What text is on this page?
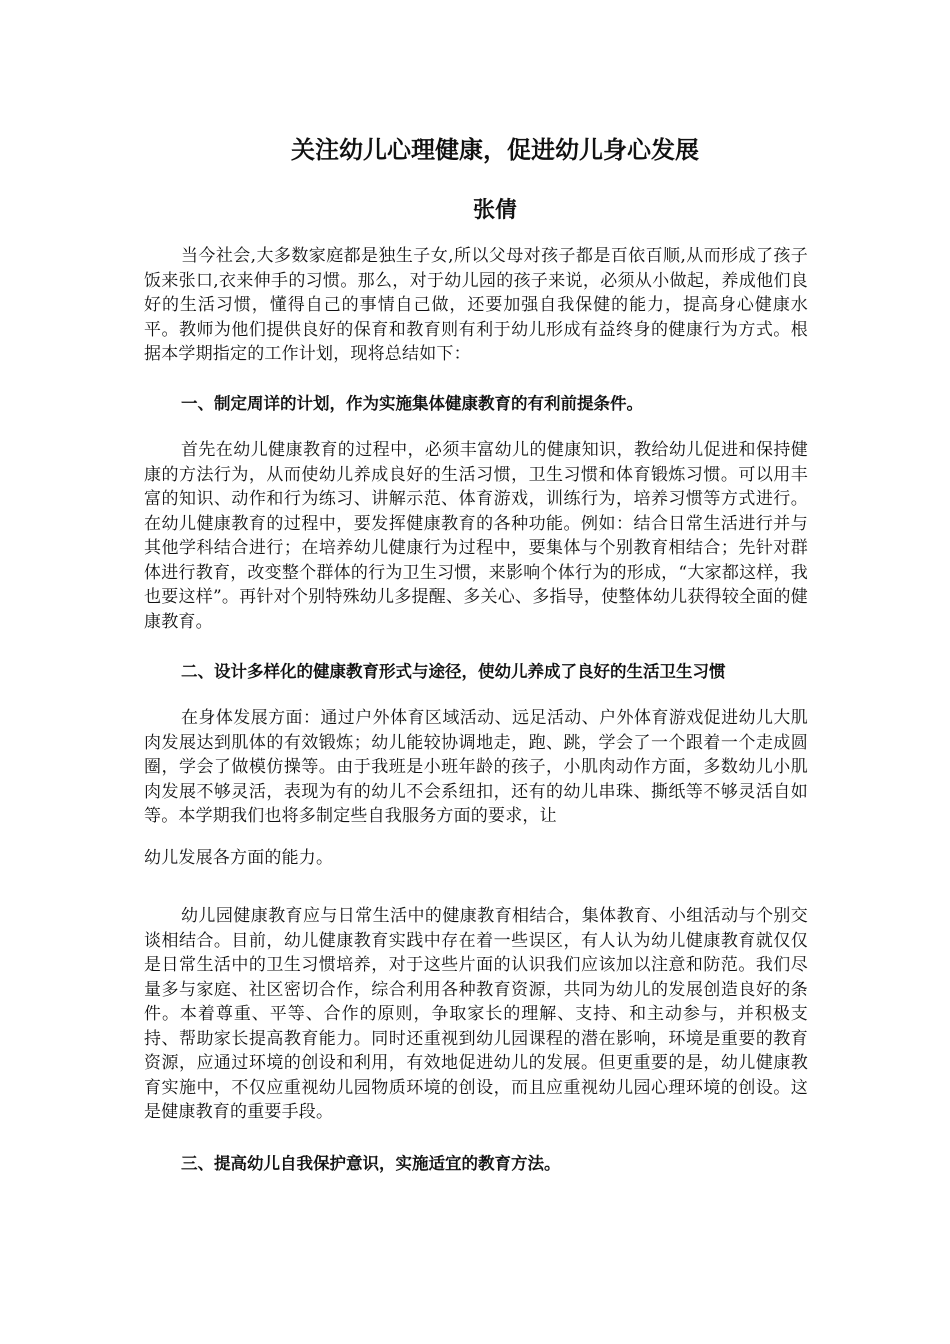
关注幼儿心理健康，促进幼儿身心发展
张倩

当今社会,大多数家庭都是独生子女,所以父母对孩子都是百依百顺,从而形成了孩子饭来张口,衣来伸手的习惯。那么，对于幼儿园的孩子来说，必须从小做起，养成他们良好的生活习惯，懂得自己的事情自己做，还要加强自我保健的能力，提高身心健康水平。教师为他们提供良好的保育和教育则有利于幼儿形成有益终身的健康行为方式。根据本学期指定的工作计划，现将总结如下：

一、制定周详的计划，作为实施集体健康教育的有利前提条件。

首先在幼儿健康教育的过程中，必须丰富幼儿的健康知识，教给幼儿促进和保持健康的方法行为，从而使幼儿养成良好的生活习惯，卫生习惯和体育锻炼习惯。可以用丰富的知识、动作和行为练习、讲解示范、体育游戏，训练行为，培养习惯等方式进行。在幼儿健康教育的过程中，要发挥健康教育的各种功能。例如：结合日常生活进行并与其他学科结合进行；在培养幼儿健康行为过程中，要集体与个别教育相结合；先针对群体进行教育，改变整个群体的行为卫生习惯，来影响个体行为的形成，“大家都这样，我也要这样”。再针对个别特殊幼儿多提醒、多关心、多指导，使整体幼儿获得较全面的健康教育。

二、设计多样化的健康教育形式与途径，使幼儿养成了良好的生活卫生习惯

在身体发展方面：通过户外体育区域活动、远足活动、户外体育游戏促进幼儿大肌肉发展达到肌体的有效锻炼；幼儿能较协调地走，跑、跳，学会了一个跟着一个走成圆圈，学会了做模仿操等。由于我班是小班年龄的孩子，小肌肉动作方面，多数幼儿小肌肉发展不够灵活，表现为有的幼儿不会系纽扣，还有的幼儿串珠、撕纸等不够灵活自如等。本学期我们也将多制定些自我服务方面的要求，让

幼儿发展各方面的能力。

幼儿园健康教育应与日常生活中的健康教育相结合，集体教育、小组活动与个别交谈相结合。目前，幼儿健康教育实践中存在着一些误区，有人认为幼儿健康教育就仅仅是日常生活中的卫生习惯培养，对于这些片面的认识我们应该加以注意和防范。我们尽量多与家庭、社区密切合作，综合利用各种教育资源，共同为幼儿的发展创造良好的条件。本着尊重、平等、合作的原则，争取家长的理解、支持、和主动参与，并积极支持、帮助家长提高教育能力。同时还重视到幼儿园课程的潜在影响，环境是重要的教育资源，应通过环境的创设和利用，有效地促进幼儿的发展。但更重要的是，幼儿健康教育实施中，不仅应重视幼儿园物质环境的创设，而且应重视幼儿园心理环境的创设。这是健康教育的重要手段。

三、提高幼儿自我保护意识，实施适宜的教育方法。
